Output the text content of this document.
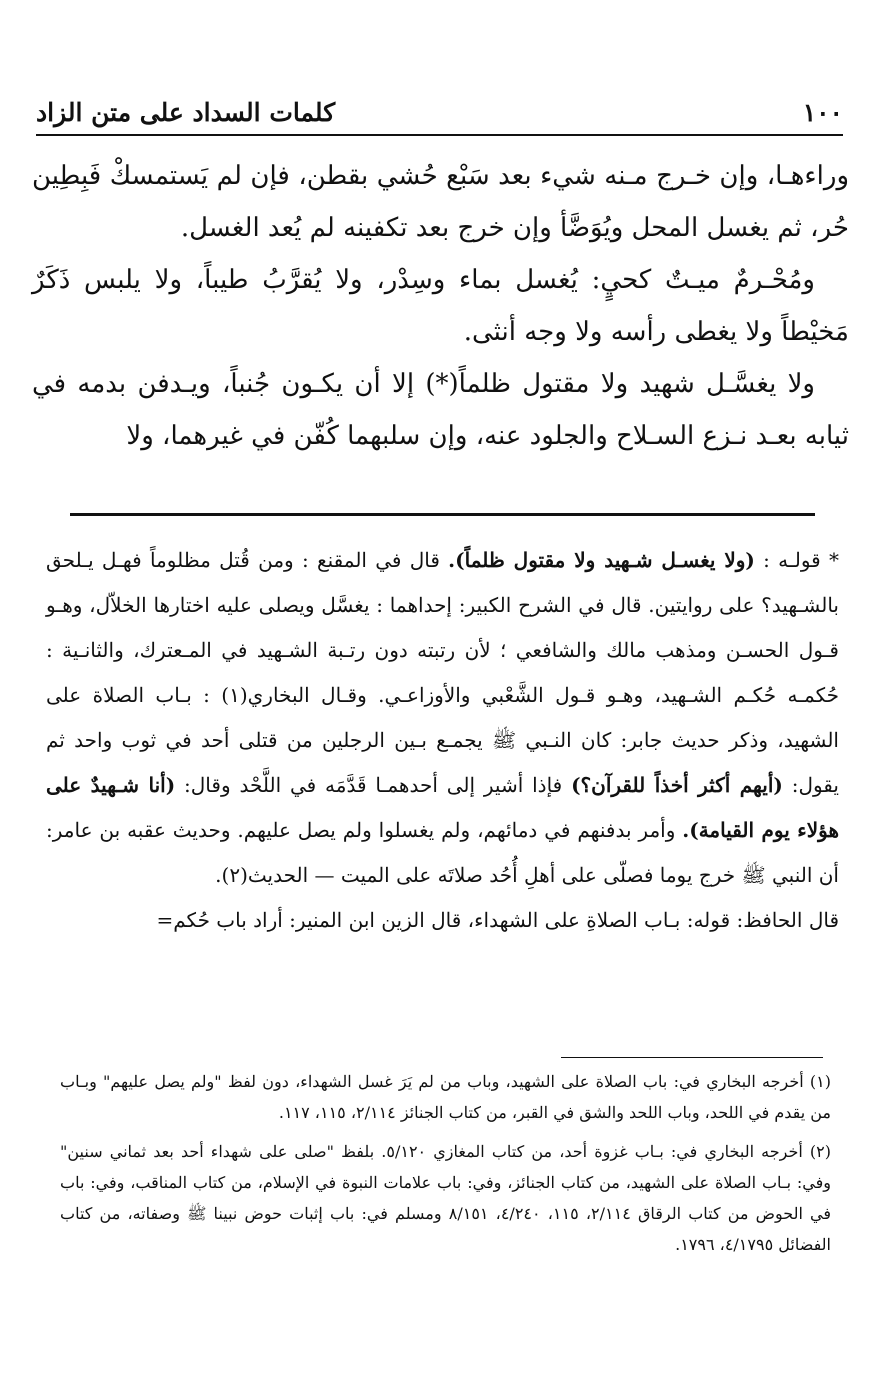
١٠٠
كلمات السداد على متن الزاد

وراءهـا، وإن خـرج مـنه شيء بعد سَبْع حُشي بقطن، فإن لم يَستمسكْ فَبِطِين حُر، ثم يغسل المحل ويُوَضَّأ وإن خرج بعد تكفينه لم يُعد الغسل.

ومُحْـرمٌ ميـتٌ كحيٍ: يُغسل بماء وسِدْر، ولا يُقرَّبُ طيباً، ولا يلبس ذَكَرٌ مَخيْطاً ولا يغطى رأسه ولا وجه أنثى.

ولا يغسَّـل شهيد ولا مقتول ظلماً(*) إلا أن يكـون جُنباً، ويـدفن بدمه في ثيابه بعـد نـزع السـلاح والجلود عنه، وإن سلبهما كُفّن في غيرهما، ولا

* قولـه : (ولا يغسـل شـهيد ولا مقتول ظلماً). قال في المقنع : ومن قُتل مظلوماً فهـل يـلحق بالشـهيد؟ على روايتين. قال في الشرح الكبير: إحداهما : يغسَّل ويصلى عليه اختارها الخلاّل، وهـو قـول الحسـن ومذهب مالك والشافعي ؛ لأن رتبته دون رتـبة الشـهيد في المـعترك، والثانـية : حُكمـه حُكـم الشـهيد، وهـو قـول الشَّعْبي والأوزاعـي. وقـال البخاري(١) : بـاب الصلاة على الشهيد، وذكر حديث جابر: كان النـبي ﷺ يجمـع بـين الرجلين من قتلى أحد في ثوب واحد ثم يقول: (أيهم أكثر أخذاً للقرآن؟) فإذا أشير إلى أحدهمـا قَدَّمَه في اللَّحْد وقال: (أنا شـهيدٌ على هؤلاء يوم القيامة). وأمر بدفنهم في دمائهم، ولم يغسلوا ولم يصل عليهم. وحديث عقبه بن عامر: أن النبي ﷺ خرج يوما فصلّى على أهلِ أُحُد صلاتَه على الميت — الحديث(٢).

قال الحافظ: قوله: بـاب الصلاةِ على الشهداء، قال الزين ابن المنير: أراد باب حُكم=

(١) أخرجه البخاري في: باب الصلاة على الشهيد، وباب من لم يَرَ غسل الشهداء، دون لفظ "ولم يصل عليهم" وبـاب من يقدم في اللحد، وباب اللحد والشق في القبر، من كتاب الجنائز ٢/١١٤، ١١٥، ١١٧.

(٢) أخرجه البخاري في: بـاب غزوة أحد، من كتاب المغازي ٥/١٢٠. بلفظ "صلى على شهداء أحد بعد ثماني سنين" وفي: بـاب الصلاة على الشهيد، من كتاب الجنائز، وفي: باب علامات النبوة في الإسلام، من كتاب المناقب، وفي: باب في الحوض من كتاب الرقاق ٢/١١٤، ١١٥، ٤/٢٤٠، ٨/١٥١ ومسلم في: باب إثبات حوض نبينا ﷺ وصفاته، من كتاب الفضائل ٤/١٧٩٥، ١٧٩٦.
